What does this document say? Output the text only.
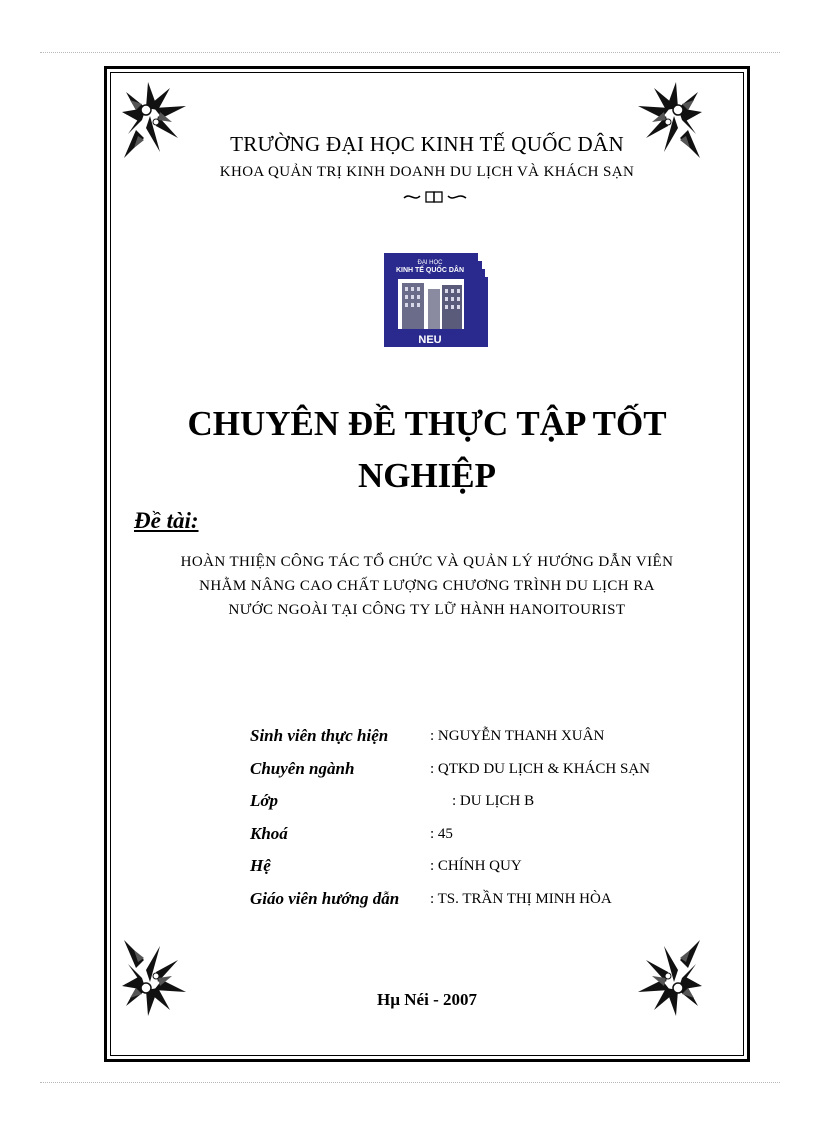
TRƯỜNG ĐẠI HỌC KINH TẾ QUỐC DÂN
KHOA QUẢN TRỊ KINH DOANH DU LỊCH VÀ KHÁCH SẠN
ĐẠI HỌC
KINH TẾ QUỐC DÂN
NEU
CHUYÊN ĐỀ THỰC TẬP TỐT
NGHIỆP
Đề tài:
HOÀN THIỆN CÔNG TÁC TỔ CHỨC VÀ QUẢN LÝ HƯỚNG DẪN VIÊN
NHẰM NÂNG CAO CHẤT LƯỢNG CHƯƠNG TRÌNH DU LỊCH RA
NƯỚC NGOÀI TẠI CÔNG TY LỮ HÀNH HANOITOURIST
Sinh viên thực hiện	: NGUYỄN THANH XUÂN
Chuyên ngành	: QTKD DU LỊCH & KHÁCH SẠN
Lớp	: DU LỊCH B
Khoá	: 45
Hệ	: CHÍNH QUY
Giáo viên hướng dẫn : TS. TRẦN THỊ MINH HÒA
Hµ Néi - 2007
